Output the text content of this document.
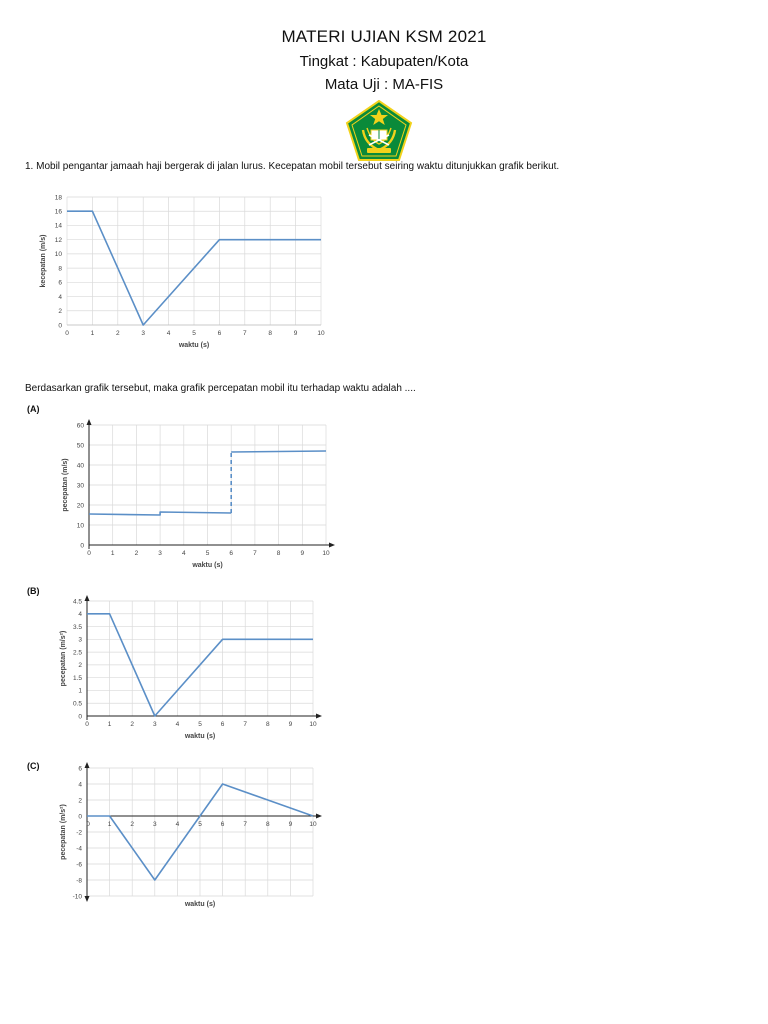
MATERI UJIAN KSM 2021
Tingkat : Kabupaten/Kota
Mata Uji : MA-FIS
1. Mobil pengantar jamaah haji bergerak di jalan lurus. Kecepatan mobil tersebut seiring waktu ditunjukkan grafik berikut.
0	1	2	3	4	5	6	7	8	9	10
0
2
4
6
8
10
12
14
16
18
waktu (s)
kecepatan (m/s)
Berdasarkan grafik tersebut, maka grafik percepatan mobil itu terhadap waktu adalah ....
(A)
0	1	2	3	4	5	6	7	8	9	10
0
10
20
30
40
50
60
waktu (s)
pecepatan (m/s)
(B)
0	1	2	3	4	5	6	7	8	9	10
0
0.5
1
1.5
2
2.5
3
3.5
4
4.5
waktu (s)
pecepatan (m/s²)
(C)
0	1	2	3	4	5	6	7	8	9	10
-10
-8
-6
-4
-2
0
2
4
6
waktu (s)
pecepatan (m/s²)
